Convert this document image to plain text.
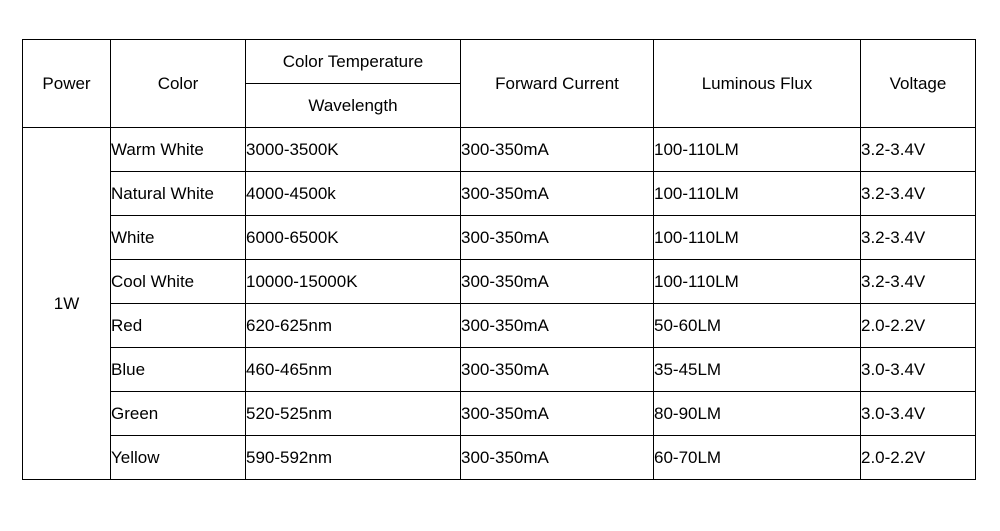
Power	Color	Color Temperature	Forward Current	Luminous Flux	Voltage
		Wavelength			
1W	Warm White	3000-3500K	300-350mA	100-110LM	3.2-3.4V
	Natural White	4000-4500k	300-350mA	100-110LM	3.2-3.4V
	White	6000-6500K	300-350mA	100-110LM	3.2-3.4V
	Cool White	10000-15000K	300-350mA	100-110LM	3.2-3.4V
	Red	620-625nm	300-350mA	50-60LM	2.0-2.2V
	Blue	460-465nm	300-350mA	35-45LM	3.0-3.4V
	Green	520-525nm	300-350mA	80-90LM	3.0-3.4V
	Yellow	590-592nm	300-350mA	60-70LM	2.0-2.2V
